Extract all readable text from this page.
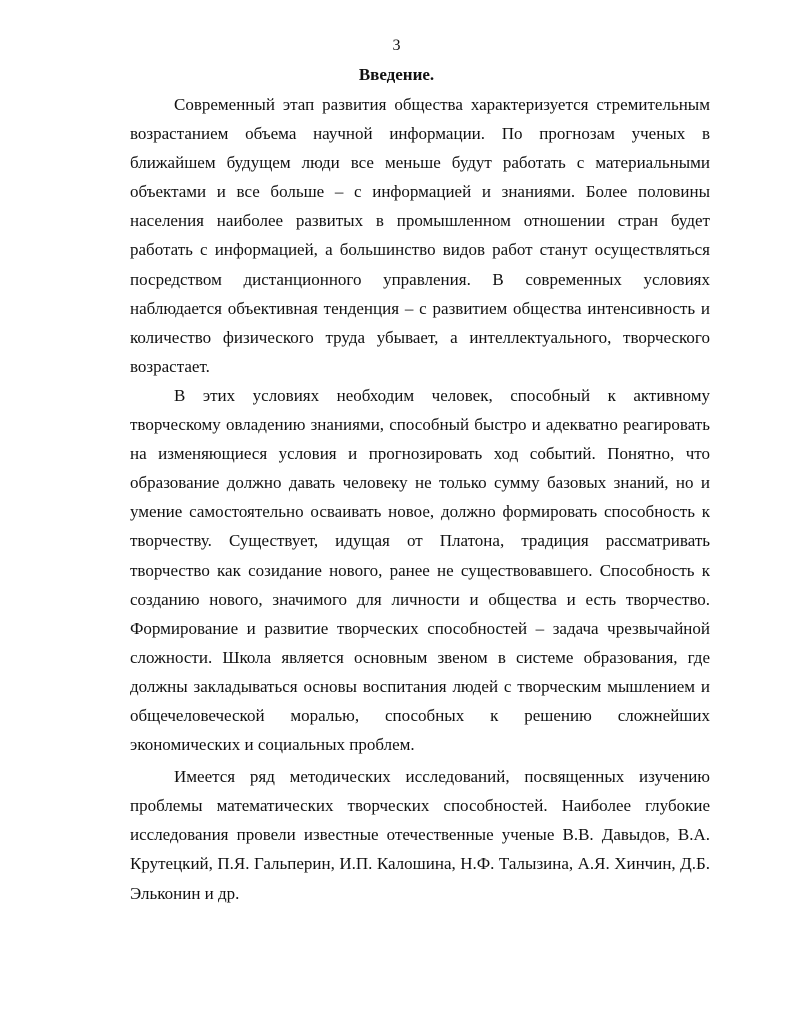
3
Введение.

Современный этап развития общества характеризуется стремительным возрастанием объема научной информации. По прогнозам ученых в ближайшем будущем люди все меньше будут работать с материальными объектами и все больше – с информацией и знаниями. Более половины населения наиболее развитых в промышленном отношении стран будет работать с информацией, а большинство видов работ станут осуществляться посредством дистанционного управления. В современных условиях наблюдается объективная тенденция – с развитием общества интенсивность и количество физического труда убывает, а интеллектуального, творческого возрастает.

В этих условиях необходим человек, способный к активному творческому овладению знаниями, способный быстро и адекватно реагировать на изменяющиеся условия и прогнозировать ход событий. Понятно, что образование должно давать человеку не только сумму базовых знаний, но и умение самостоятельно осваивать новое, должно формировать способность к творчеству. Существует, идущая от Платона, традиция рассматривать творчество как созидание нового, ранее не существовавшего. Способность к созданию нового, значимого для личности и общества и есть творчество. Формирование и развитие творческих способностей – задача чрезвычайной сложности. Школа является основным звеном в системе образования, где должны закладываться основы воспитания людей с творческим мышлением и общечеловеческой моралью, способных к решению сложнейших экономических и социальных проблем.

Имеется ряд методических исследований, посвященных изучению проблемы математических творческих способностей. Наиболее глубокие исследования провели известные отечественные ученые В.В. Давыдов, В.А. Крутецкий, П.Я. Гальперин, И.П. Калошина, Н.Ф. Талызина, А.Я. Хинчин, Д.Б. Эльконин и др.
